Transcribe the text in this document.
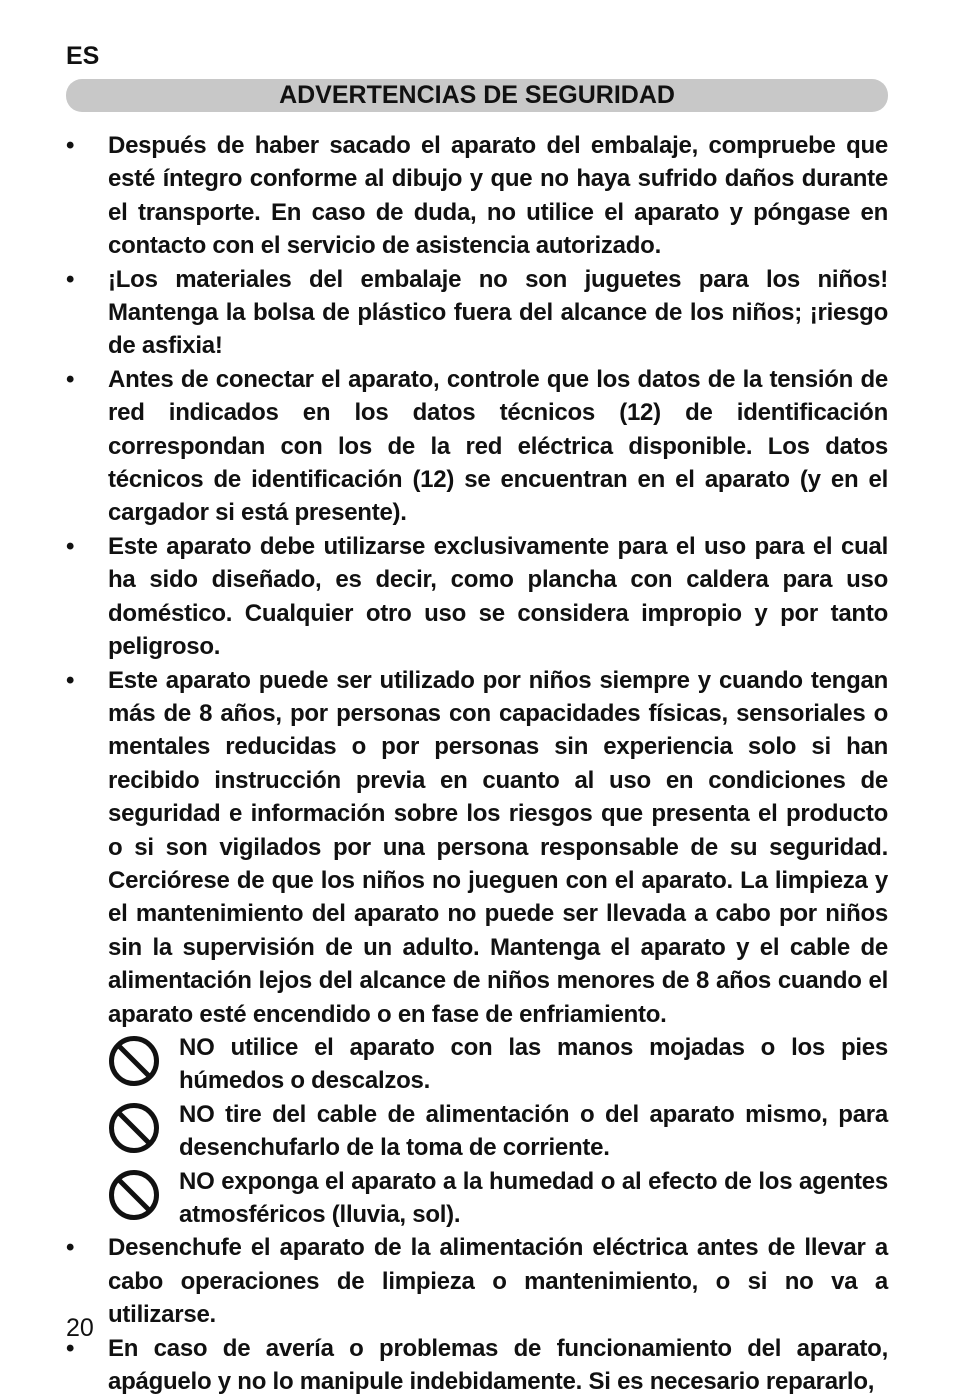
ES
ADVERTENCIAS DE SEGURIDAD
•	Después de haber sacado el aparato del embalaje, compruebe que esté íntegro conforme al dibujo y que no haya sufrido daños durante el transporte. En caso de duda, no utilice el aparato y póngase en contacto con el servicio de asistencia autorizado.
•	¡Los materiales del embalaje no son juguetes para los niños! Mantenga la bolsa de plástico fuera del alcance de los niños; ¡riesgo de asfixia!
•	Antes de conectar el aparato, controle que los datos de la tensión de red indicados en los datos técnicos (12) de identificación correspondan con los de la red eléctrica disponible. Los datos técnicos de identificación (12) se encuentran en el aparato (y en el cargador si está presente).
•	Este aparato debe utilizarse exclusivamente para el uso para el cual ha sido diseñado, es decir, como plancha con caldera para uso doméstico. Cualquier otro uso se considera impropio y por tanto peligroso.
•	Este aparato puede ser utilizado por niños siempre y cuando tengan más de 8 años, por personas con capacidades físicas, sensoriales o mentales reducidas o por personas sin experiencia solo si han recibido instrucción previa en cuanto al uso en condiciones de seguridad e información sobre los riesgos que presenta el producto o si son vigilados por una persona responsable de su seguridad. Cerciórese de que los niños no jueguen con el aparato. La limpieza y el mantenimiento del aparato no puede ser llevada a cabo por niños sin la supervisión de un adulto. Mantenga el aparato y el cable de alimentación lejos del alcance de niños menores de 8 años cuando el aparato esté encendido o en fase de enfriamiento.
NO utilice el aparato con las manos mojadas o los pies húmedos o descalzos.
NO tire del cable de alimentación o del aparato mismo, para desenchufarlo de la toma de corriente.
NO exponga el aparato a la humedad o al efecto de los agentes atmosféricos (lluvia, sol).
•	Desenchufe el aparato de la alimentación eléctrica antes de llevar a cabo operaciones de limpieza o mantenimiento, o si no va a utilizarse.
•	En caso de avería o problemas de funcionamiento del aparato, apáguelo y no lo manipule indebidamente. Si es necesario repararlo,
20
